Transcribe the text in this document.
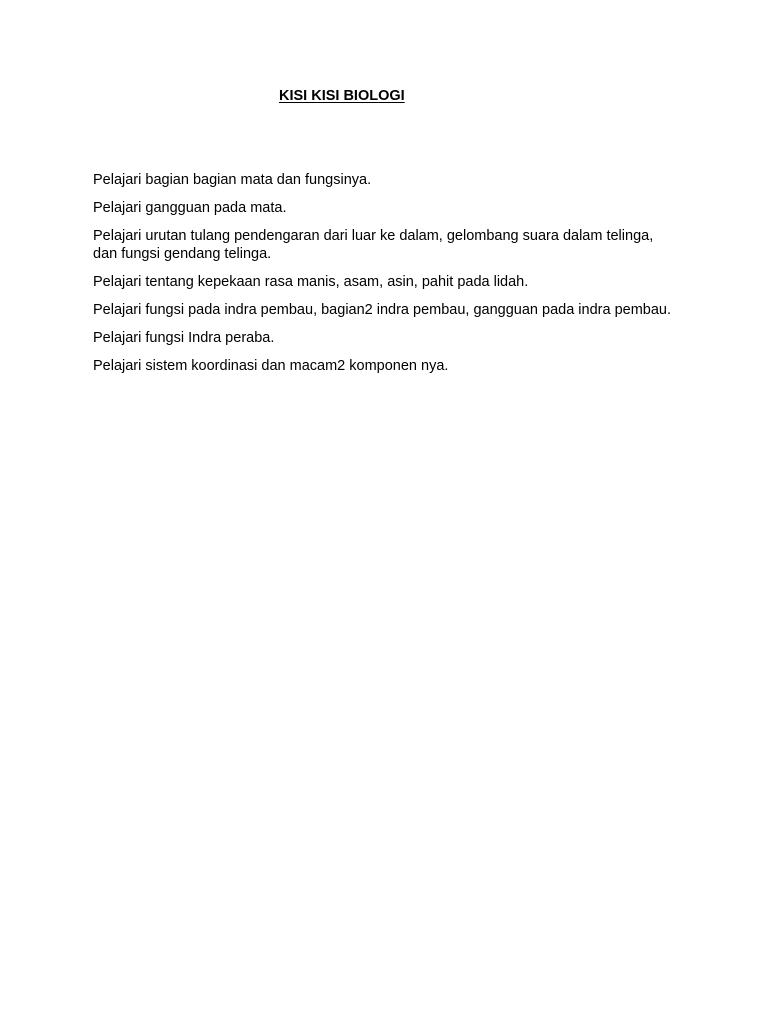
KISI KISI BIOLOGI
Pelajari bagian bagian mata dan fungsinya.
Pelajari gangguan pada mata.
Pelajari urutan tulang pendengaran dari luar ke dalam, gelombang suara dalam telinga, dan fungsi gendang telinga.
Pelajari tentang kepekaan rasa manis, asam, asin, pahit pada lidah.
Pelajari fungsi pada indra pembau, bagian2 indra pembau, gangguan pada indra pembau.
Pelajari fungsi Indra peraba.
Pelajari sistem koordinasi dan macam2 komponen nya.
